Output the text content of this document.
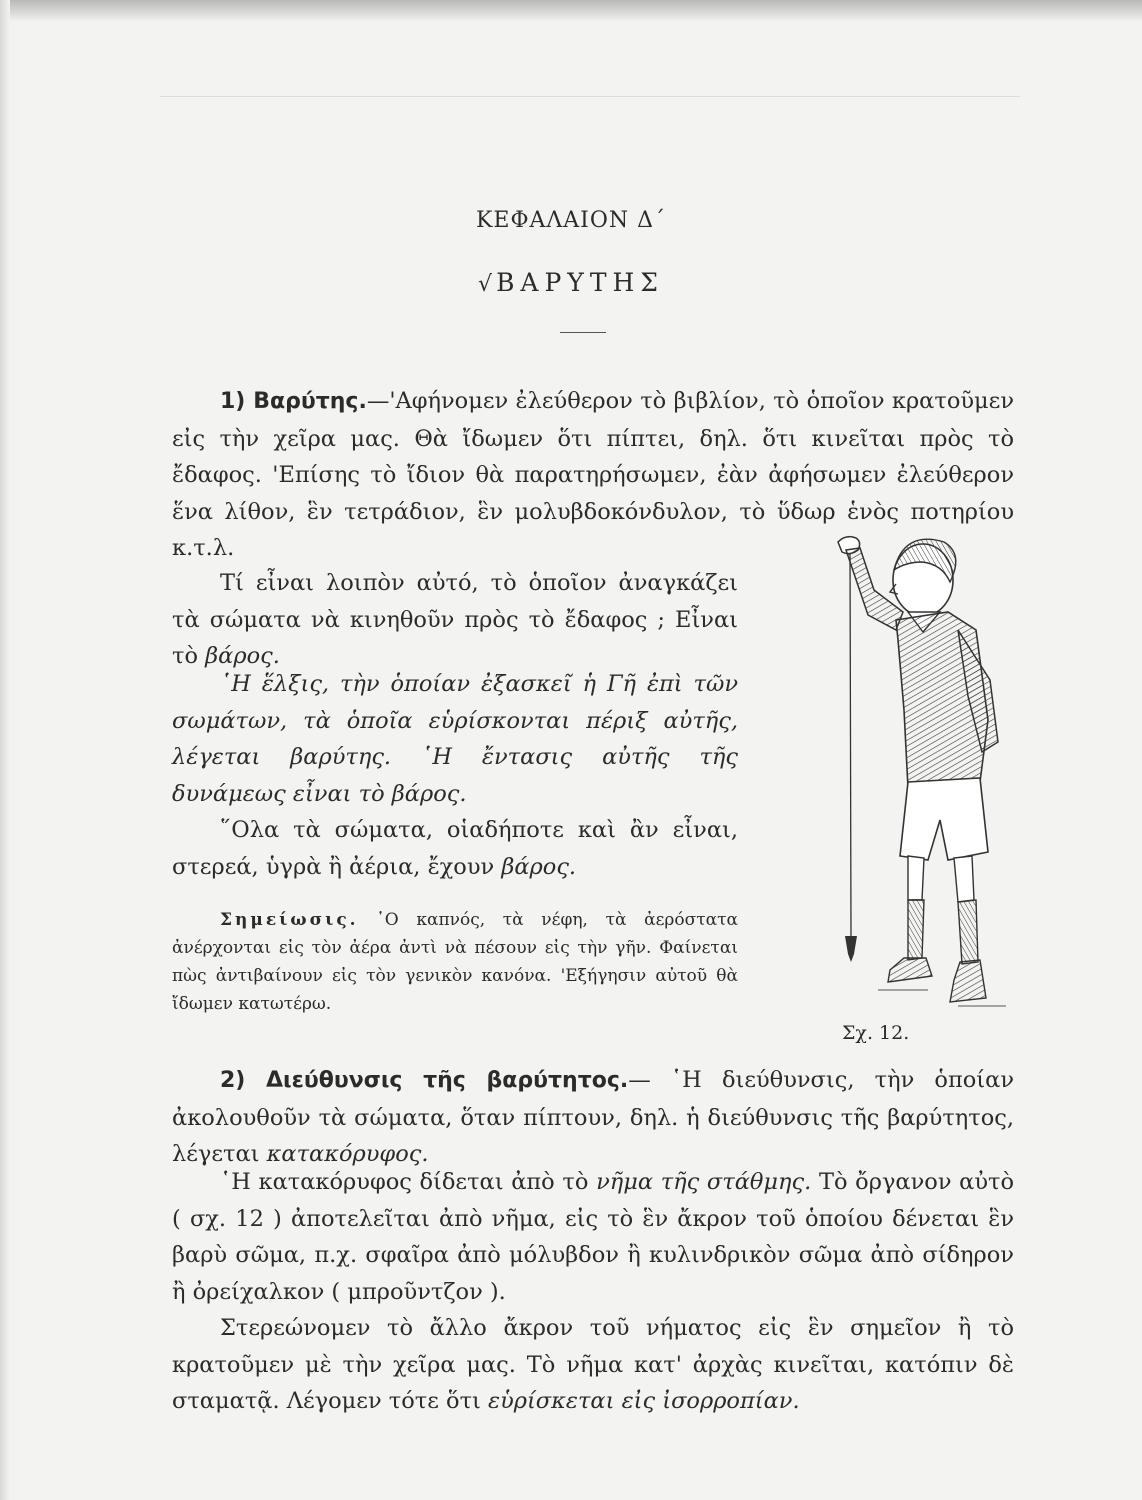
ΚΕΦΑΛΑΙΟΝ Δ΄
√ ΒΑΡΥΤΗΣ
1) Βαρύτης.—'Αφήνομεν ἐλεύθερον τὸ βιβλίον, τὸ ὁποῖον κρατοῦμεν εἰς τὴν χεῖρα μας. Θὰ ἴδωμεν ὅτι πίπτει, δηλ. ὅτι κινεῖται πρὸς τὸ ἔδαφος. 'Επίσης τὸ ἴδιον θὰ παρατηρήσωμεν, ἐὰν ἀφήσωμεν ἐλεύθερον ἕνα λίθον, ἓν τετράδιον, ἓν μολυβδοκόνδυλον, τὸ ὕδωρ ἑνὸς ποτηρίου κ.τ.λ.
Τί εἶναι λοιπὸν αὐτό, τὸ ὁποῖον ἀναγκάζει τὰ σώματα νὰ κινηθοῦν πρὸς τὸ ἔδαφος ; Εἶναι τὸ βάρος.
῾Η ἕλξις, τὴν ὁποίαν ἐξασκεῖ ἡ Γῆ ἐπὶ τῶν σωμάτων, τὰ ὁποῖα εὑρίσκονται πέριξ αὐτῆς, λέγεται βαρύτης. ῾Η ἔντασις αὐτῆς τῆς δυνάμεως εἶναι τὸ βάρος.
῞Ολα τὰ σώματα, οἱαδήποτε καὶ ἂν εἶναι, στερεά, ὑγρὰ ἢ ἀέρια, ἔχουν βάρος.
Σημείωσις. ῾Ο καπνός, τὰ νέφη, τὰ ἀερόστατα ἀνέρχονται εἰς τὸν ἀέρα ἀντὶ νὰ πέσουν εἰς τὴν γῆν. Φαίνεται πὼς ἀντιβαίνουν εἰς τὸν γενικὸν κανόνα. 'Εξήγησιν αὐτοῦ θὰ ἴδωμεν κατωτέρω.
Σχ. 12.
2) Διεύθυνσις τῆς βαρύτητος.— ῾Η διεύθυνσις, τὴν ὁποίαν ἀκολουθοῦν τὰ σώματα, ὅταν πίπτουν, δηλ. ἡ διεύθυνσις τῆς βαρύτητος, λέγεται κατακόρυφος.
῾Η κατακόρυφος δίδεται ἀπὸ τὸ νῆμα τῆς στάθμης. Τὸ ὄργανον αὐτὸ ( σχ. 12 ) ἀποτελεῖται ἀπὸ νῆμα, εἰς τὸ ἓν ἄκρον τοῦ ὁποίου δένεται ἓν βαρὺ σῶμα, π.χ. σφαῖρα ἀπὸ μόλυβδον ἢ κυλινδρικὸν σῶμα ἀπὸ σίδηρον ἢ ὀρείχαλκον ( μπροῦντζον ).
Στερεώνομεν τὸ ἄλλο ἄκρον τοῦ νήματος εἰς ἓν σημεῖον ἢ τὸ κρατοῦμεν μὲ τὴν χεῖρα μας. Τὸ νῆμα κατ' ἀρχὰς κινεῖται, κατόπιν δὲ σταματᾷ. Λέγομεν τότε ὅτι εὑρίσκεται εἰς ἰσορροπίαν.
